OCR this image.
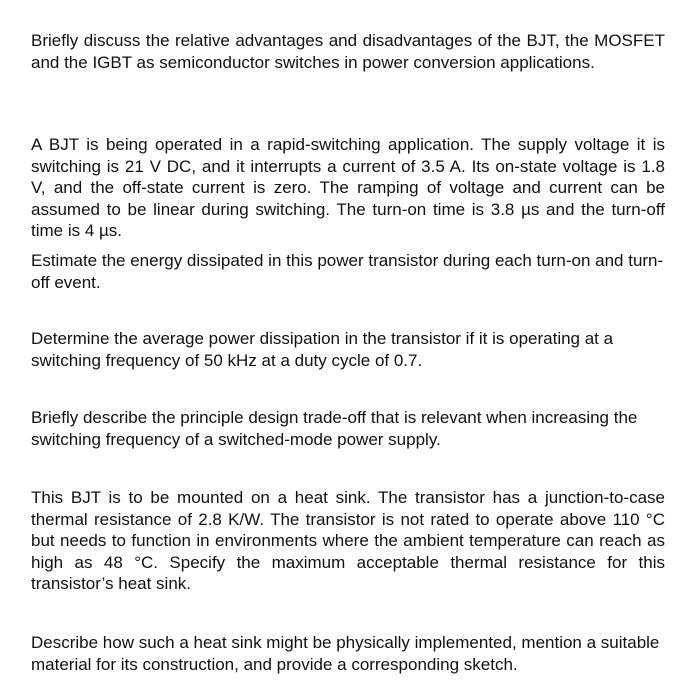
Briefly discuss the relative advantages and disadvantages of the BJT, the MOSFET and the IGBT as semiconductor switches in power conversion applications.

A BJT is being operated in a rapid-switching application. The supply voltage it is switching is 21 V DC, and it interrupts a current of 3.5 A. Its on-state voltage is 1.8 V, and the off-state current is zero. The ramping of voltage and current can be assumed to be linear during switching. The turn-on time is 3.8 µs and the turn-off time is 4 µs.

Estimate the energy dissipated in this power transistor during each turn-on and turn-off event.

Determine the average power dissipation in the transistor if it is operating at a switching frequency of 50 kHz at a duty cycle of 0.7.

Briefly describe the principle design trade-off that is relevant when increasing the switching frequency of a switched-mode power supply.

This BJT is to be mounted on a heat sink. The transistor has a junction-to-case thermal resistance of 2.8 K/W. The transistor is not rated to operate above 110 °C but needs to function in environments where the ambient temperature can reach as high as 48 °C. Specify the maximum acceptable thermal resistance for this transistor’s heat sink.

Describe how such a heat sink might be physically implemented, mention a suitable material for its construction, and provide a corresponding sketch.
